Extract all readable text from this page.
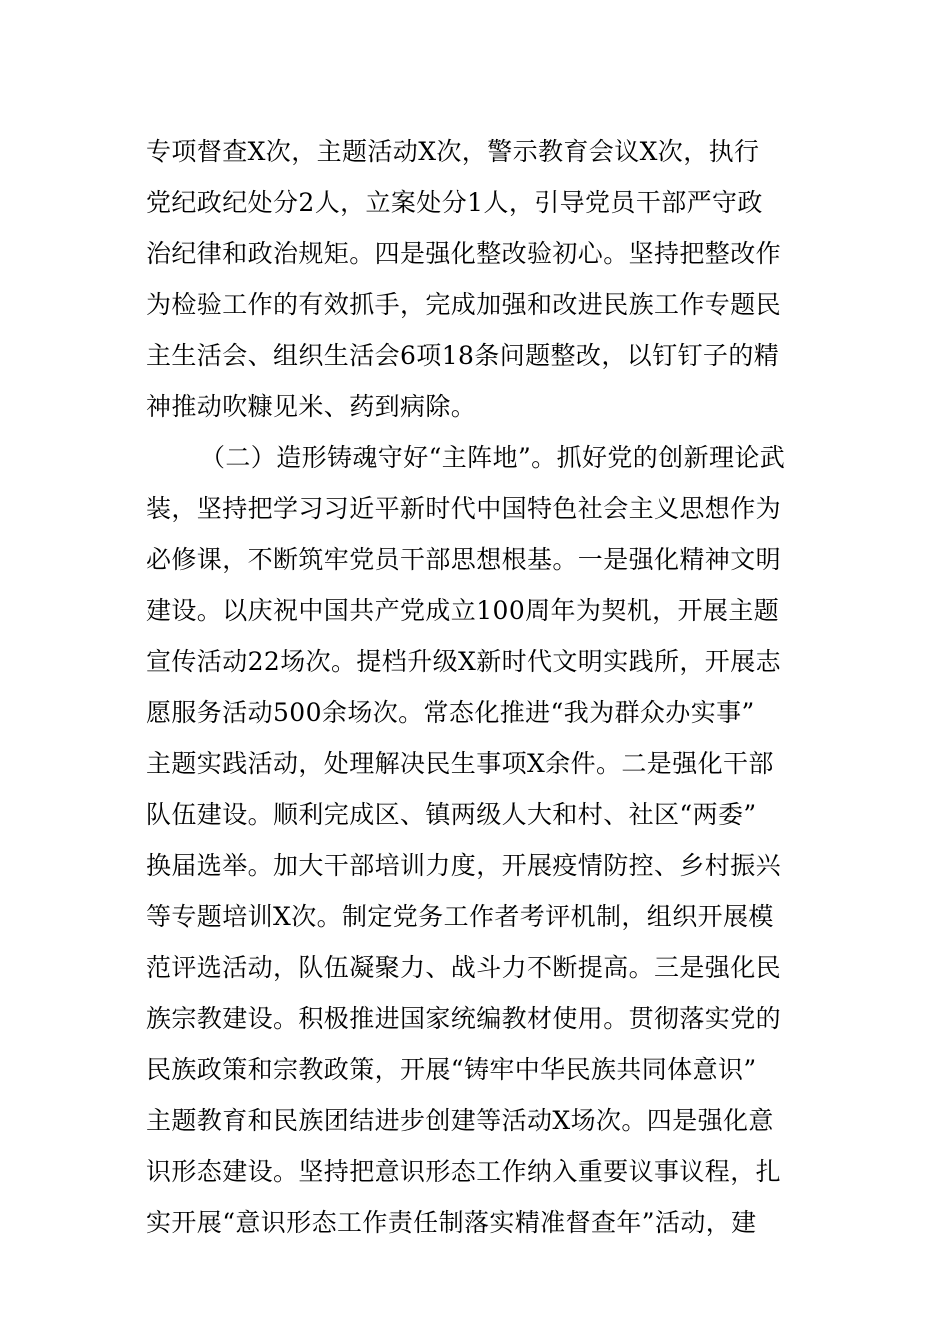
专项督查X次，主题活动X次，警示教育会议X次，执行
党纪政纪处分2人，立案处分1人，引导党员干部严守政
治纪律和政治规矩。四是强化整改验初心。坚持把整改作
为检验工作的有效抓手，完成加强和改进民族工作专题民
主生活会、组织生活会6项18条问题整改，以钉钉子的精
神推动吹糠见米、药到病除。
（二）造形铸魂守好“主阵地”。抓好党的创新理论武
装，坚持把学习习近平新时代中国特色社会主义思想作为
必修课，不断筑牢党员干部思想根基。一是强化精神文明
建设。以庆祝中国共产党成立100周年为契机，开展主题
宣传活动22场次。提档升级X新时代文明实践所，开展志
愿服务活动500余场次。常态化推进“我为群众办实事”
主题实践活动，处理解决民生事项X余件。二是强化干部
队伍建设。顺利完成区、镇两级人大和村、社区“两委”
换届选举。加大干部培训力度，开展疫情防控、乡村振兴
等专题培训X次。制定党务工作者考评机制，组织开展模
范评选活动，队伍凝聚力、战斗力不断提高。三是强化民
族宗教建设。积极推进国家统编教材使用。贯彻落实党的
民族政策和宗教政策，开展“铸牢中华民族共同体意识”
主题教育和民族团结进步创建等活动X场次。四是强化意
识形态建设。坚持把意识形态工作纳入重要议事议程，扎
实开展“意识形态工作责任制落实精准督查年”活动，建
